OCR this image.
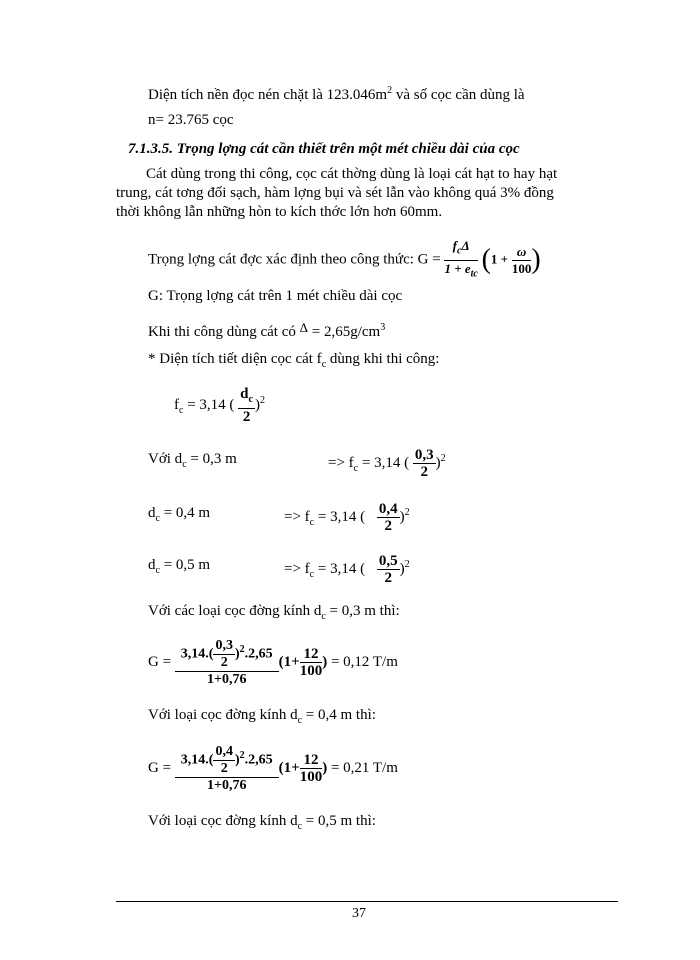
Diện tích nền đọc nén chặt là $123.046m^2$ và số cọc cần dùng là
n= 23.765 cọc
7.1.3.5. Trọng lợng cát cần thiết trên một mét chiều dài của cọc
Cát dùng trong thi công, cọc cát thờng dùng là loại cát hạt to hay hạt
trung, cát tơng đối sạch, hàm lợng bụi và sét lẫn vào không quá 3% đồng
thời không lẫn những hòn to kích thớc lớn hơn 60mm.
Trọng lợng cát đợc xác định theo công thức: $G = \frac{f_c\Delta}{1 + e_{tc}} (1 + \frac{\omega}{100}$ )
G: Trọng lợng cát trên 1 mét chiều dài cọc
Khi thi công dùng cát có $\Delta = 2,65g/cm^3$
* Diện tích tiết diện cọc cát $f_c$ dùng khi thi công:
$f_c = 3,14$ ( $\frac{d_c}{2} )^2$
Với $d_c = 0,3$ m	=> $f_c = 3,14$ ( $\frac{0,3}{2} )^2$
$d_c = 0,4$ m	=> $f_c = 3,14$ ( $\frac{0,4}{2} )^2$
$d_c = 0,5$ m	=> $f_c = 3,14$ ( $\frac{0,5}{2} )^2$
Với các loại cọc đờng kính $d_c = 0,3$ m thì:
$G = \frac{3,14.( \frac{0,3}{2} )^2.2,65}{1+0,76} (1+ \frac{12}{100}$ ) = 0,12 T/m
Với loại cọc đờng kính $d_c = 0,4$ m thì:
$G = \frac{3,14.( \frac{0,4}{2} )^2.2,65}{1+0,76} (1+ \frac{12}{100}$ ) = 0,21 T/m
Với loại cọc đờng kính $d_c = 0,5$ m thì:
37
